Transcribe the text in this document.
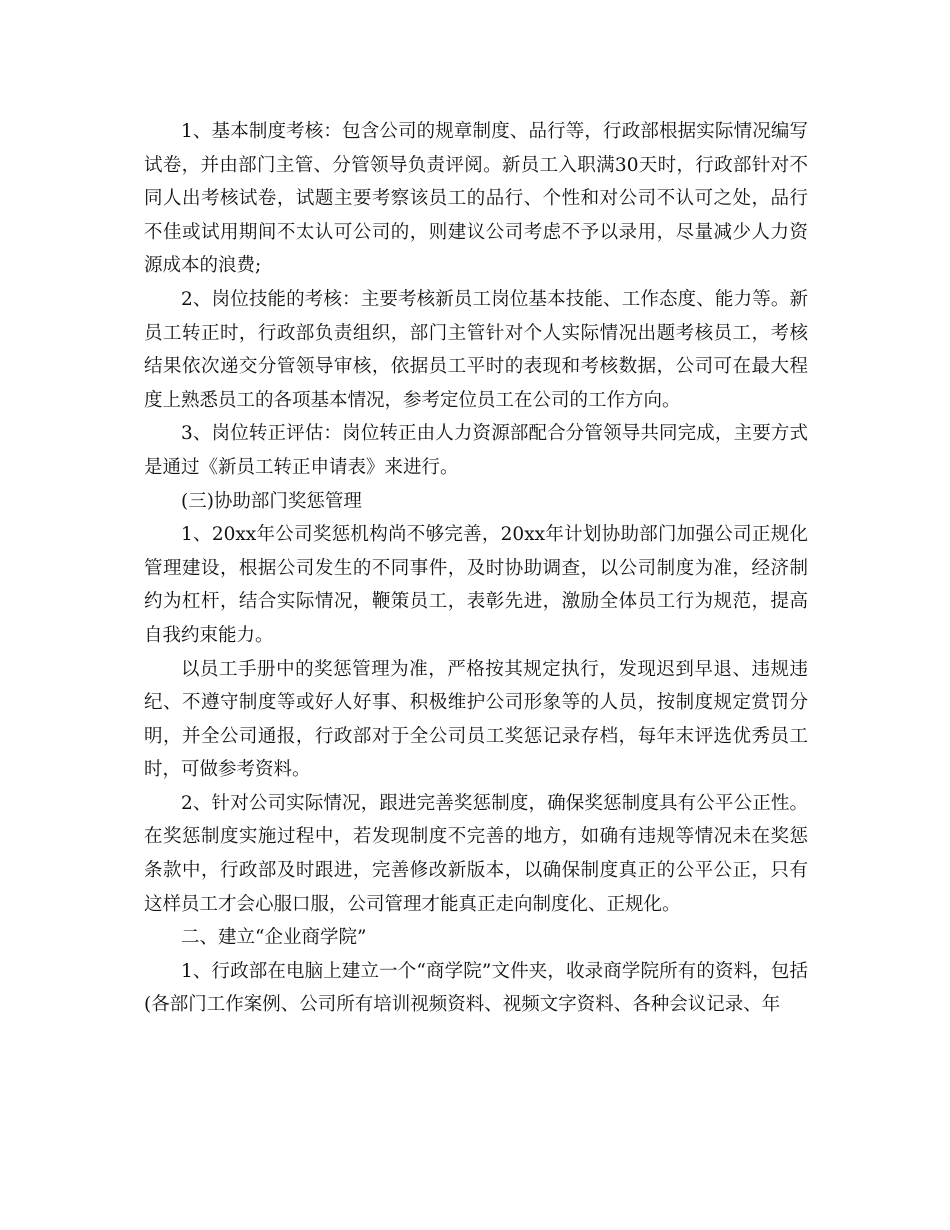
1、基本制度考核：包含公司的规章制度、品行等，行政部根据实际情况编写试卷，并由部门主管、分管领导负责评阅。新员工入职满30天时，行政部针对不同人出考核试卷，试题主要考察该员工的品行、个性和对公司不认可之处，品行不佳或试用期间不太认可公司的，则建议公司考虑不予以录用，尽量减少人力资源成本的浪费;

2、岗位技能的考核：主要考核新员工岗位基本技能、工作态度、能力等。新员工转正时，行政部负责组织，部门主管针对个人实际情况出题考核员工，考核结果依次递交分管领导审核，依据员工平时的表现和考核数据，公司可在最大程度上熟悉员工的各项基本情况，参考定位员工在公司的工作方向。

3、岗位转正评估：岗位转正由人力资源部配合分管领导共同完成，主要方式是通过《新员工转正申请表》来进行。

(三)协助部门奖惩管理

1、20xx年公司奖惩机构尚不够完善，20xx年计划协助部门加强公司正规化管理建设，根据公司发生的不同事件，及时协助调查，以公司制度为准，经济制约为杠杆，结合实际情况，鞭策员工，表彰先进，激励全体员工行为规范，提高自我约束能力。

以员工手册中的奖惩管理为准，严格按其规定执行，发现迟到早退、违规违纪、不遵守制度等或好人好事、积极维护公司形象等的人员，按制度规定赏罚分明，并全公司通报，行政部对于全公司员工奖惩记录存档，每年末评选优秀员工时，可做参考资料。

2、针对公司实际情况，跟进完善奖惩制度，确保奖惩制度具有公平公正性。在奖惩制度实施过程中，若发现制度不完善的地方，如确有违规等情况未在奖惩条款中，行政部及时跟进，完善修改新版本，以确保制度真正的公平公正，只有这样员工才会心服口服，公司管理才能真正走向制度化、正规化。

二、建立“企业商学院”

1、行政部在电脑上建立一个“商学院”文件夹，收录商学院所有的资料，包括(各部门工作案例、公司所有培训视频资料、视频文字资料、各种会议记录、年
